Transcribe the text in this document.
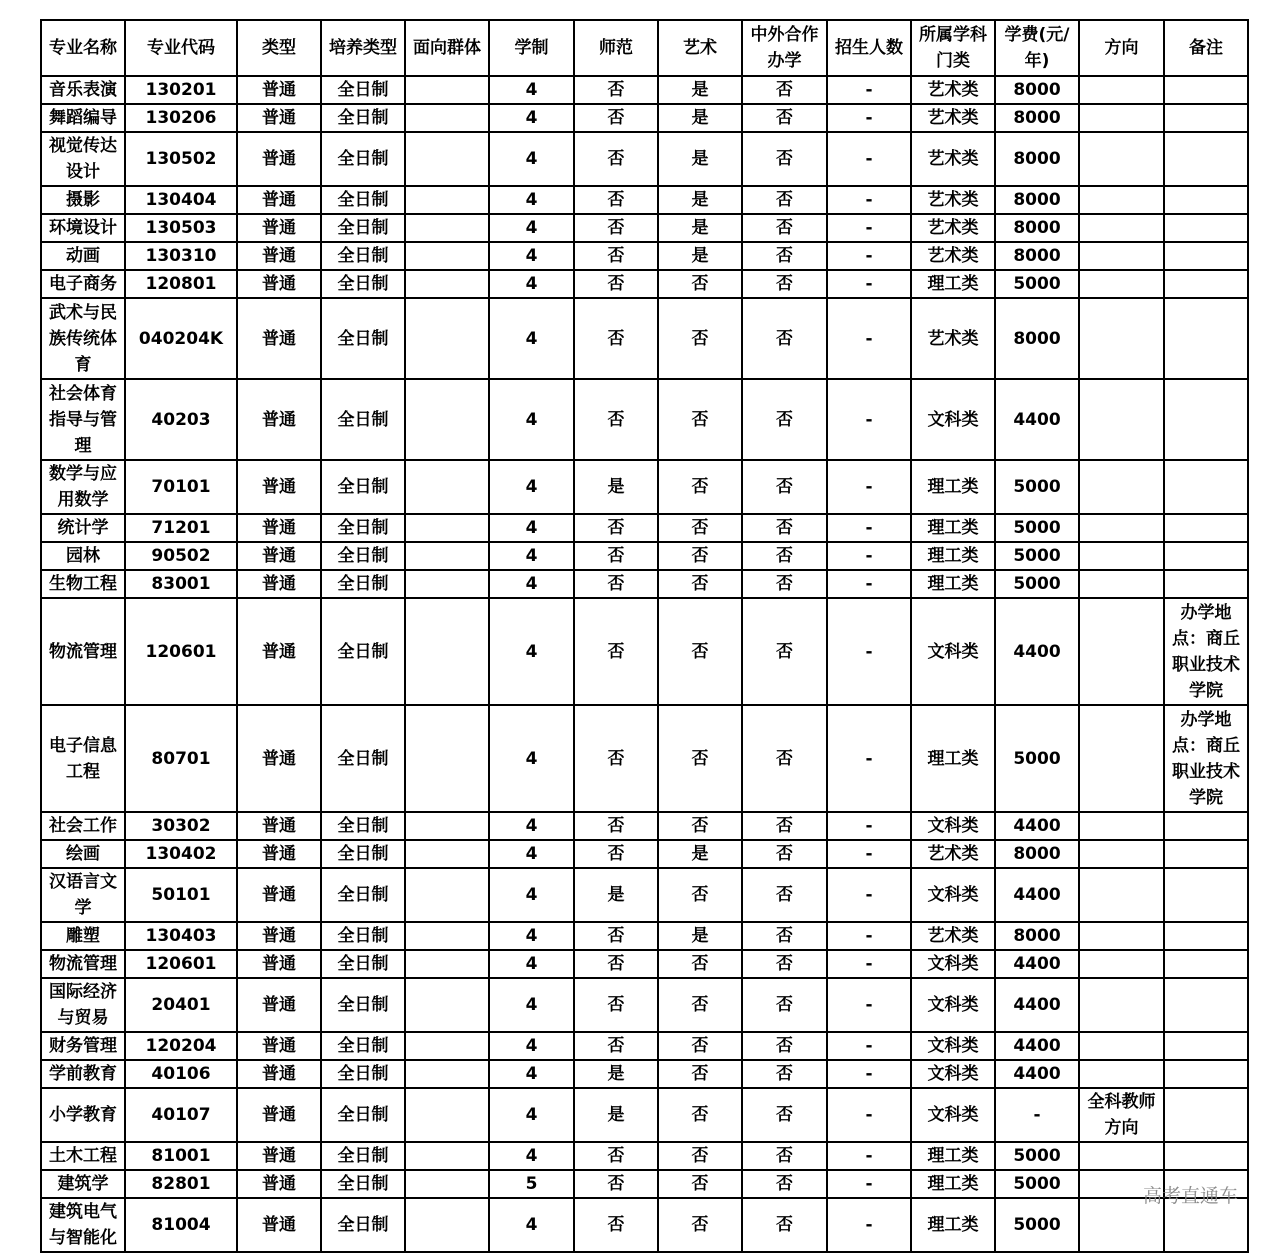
专业名称	专业代码	类型	培养类型	面向群体	学制	师范	艺术	中外合作办学	招生人数	所属学科门类	学费(元/年)	方向	备注
音乐表演	130201	普通	全日制		4	否	是	否	-	艺术类	8000		
舞蹈编导	130206	普通	全日制		4	否	是	否	-	艺术类	8000		
视觉传达设计	130502	普通	全日制		4	否	是	否	-	艺术类	8000		
摄影	130404	普通	全日制		4	否	是	否	-	艺术类	8000		
环境设计	130503	普通	全日制		4	否	是	否	-	艺术类	8000		
动画	130310	普通	全日制		4	否	是	否	-	艺术类	8000		
电子商务	120801	普通	全日制		4	否	否	否	-	理工类	5000		
武术与民族传统体育	040204K	普通	全日制		4	否	否	否	-	艺术类	8000		
社会体育指导与管理	40203	普通	全日制		4	否	否	否	-	文科类	4400		
数学与应用数学	70101	普通	全日制		4	是	否	否	-	理工类	5000		
统计学	71201	普通	全日制		4	否	否	否	-	理工类	5000		
园林	90502	普通	全日制		4	否	否	否	-	理工类	5000		
生物工程	83001	普通	全日制		4	否	否	否	-	理工类	5000		
物流管理	120601	普通	全日制		4	否	否	否	-	文科类	4400		办学地点：商丘职业技术学院
电子信息工程	80701	普通	全日制		4	否	否	否	-	理工类	5000		办学地点：商丘职业技术学院
社会工作	30302	普通	全日制		4	否	否	否	-	文科类	4400		
绘画	130402	普通	全日制		4	否	是	否	-	艺术类	8000		
汉语言文学	50101	普通	全日制		4	是	否	否	-	文科类	4400		
雕塑	130403	普通	全日制		4	否	是	否	-	艺术类	8000		
物流管理	120601	普通	全日制		4	否	否	否	-	文科类	4400		
国际经济与贸易	20401	普通	全日制		4	否	否	否	-	文科类	4400		
财务管理	120204	普通	全日制		4	否	否	否	-	文科类	4400		
学前教育	40106	普通	全日制		4	是	否	否	-	文科类	4400		
小学教育	40107	普通	全日制		4	是	否	否	-	文科类	-	全科教师方向	
土木工程	81001	普通	全日制		4	否	否	否	-	理工类	5000		
建筑学	82801	普通	全日制		5	否	否	否	-	理工类	5000		
建筑电气与智能化	81004	普通	全日制		4	否	否	否	-	理工类	5000		
高考直通车
